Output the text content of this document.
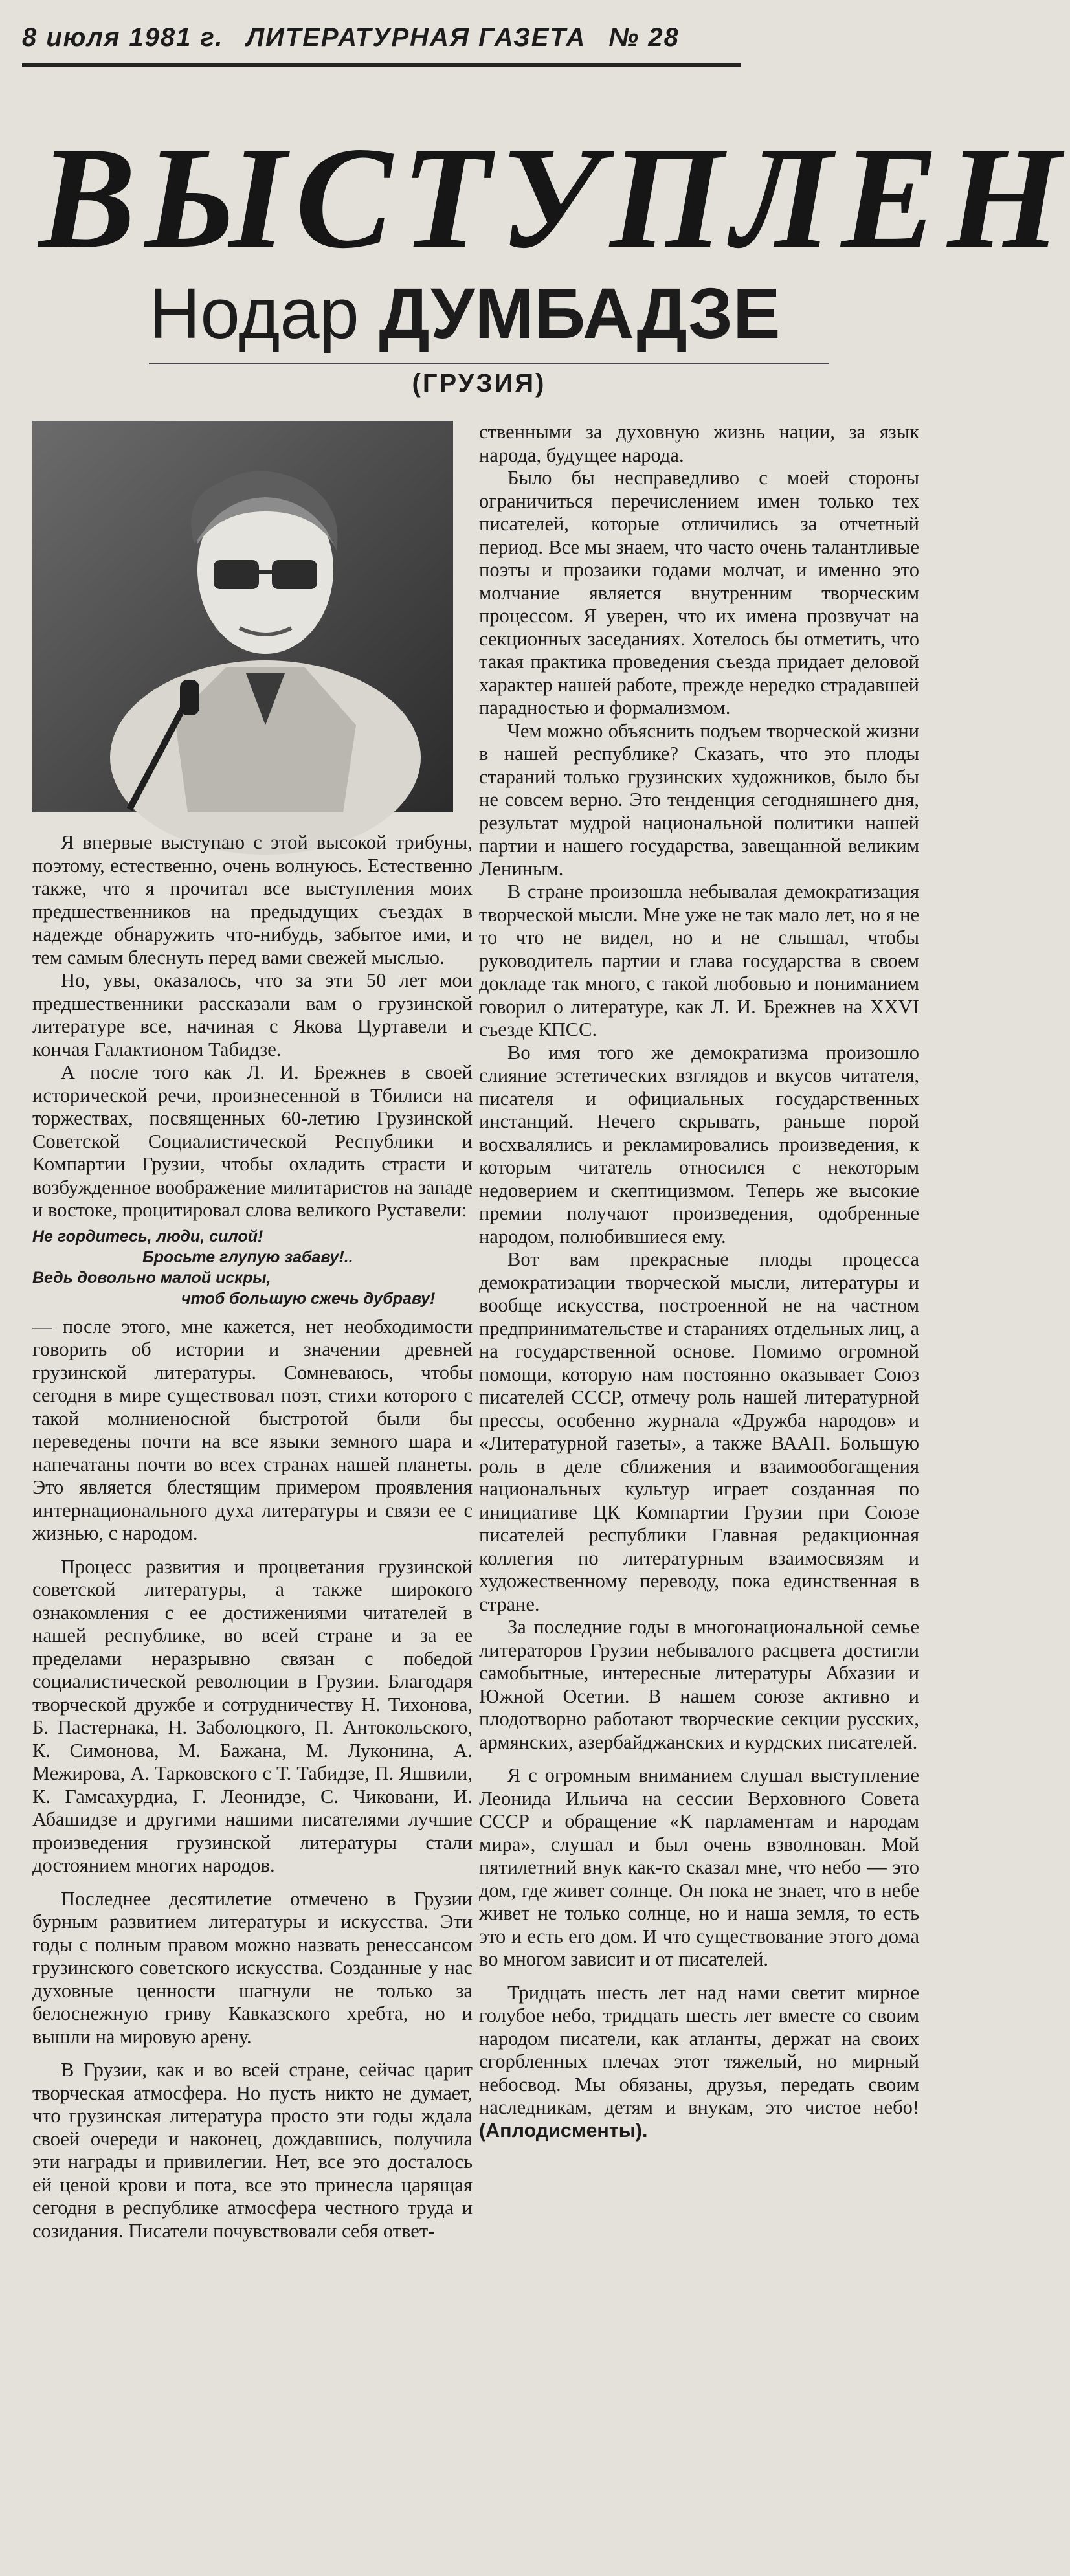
8 июля 1981 г. ЛИТЕРАТУРНАЯ ГАЗЕТА № 28
ВЫСТУПЛЕН
Нодар ДУМБАДЗЕ
(ГРУЗИЯ)

Я впервые выступаю с этой высокой трибуны, поэтому, естественно, очень волнуюсь. Естественно также, что я прочитал все выступления моих предшественников на предыдущих съездах в надежде обнаружить что-нибудь, забытое ими, и тем самым блеснуть перед вами свежей мыслью.

Но, увы, оказалось, что за эти 50 лет мои предшественники рассказали вам о грузинской литературе все, начиная с Якова Цуртавели и кончая Галактионом Табидзе.

А после того как Л. И. Брежнев в своей исторической речи, произнесенной в Тбилиси на торжествах, посвященных 60-летию Грузинской Советской Социалистической Республики и Компартии Грузии, чтобы охладить страсти и возбужденное воображение милитаристов на западе и востоке, процитировал слова великого Руставели:

Не гордитесь, люди, силой!
Бросьте глупую забаву!..
Ведь довольно малой искры,
чтоб большую сжечь дубраву!

— после этого, мне кажется, нет необходимости говорить об истории и значении древней грузинской литературы. Сомневаюсь, чтобы сегодня в мире существовал поэт, стихи которого с такой молниеносной быстротой были бы переведены почти на все языки земного шара и напечатаны почти во всех странах нашей планеты. Это является блестящим примером проявления интернационального духа литературы и связи ее с жизнью, с народом.

Процесс развития и процветания грузинской советской литературы, а также широкого ознакомления с ее достижениями читателей в нашей республике, во всей стране и за ее пределами неразрывно связан с победой социалистической революции в Грузии. Благодаря творческой дружбе и сотрудничеству Н. Тихонова, Б. Пастернака, Н. Заболоцкого, П. Антокольского, К. Симонова, М. Бажана, М. Луконина, А. Межирова, А. Тарковского с Т. Табидзе, П. Яшвили, К. Гамсахурдиа, Г. Леонидзе, С. Чиковани, И. Абашидзе и другими нашими писателями лучшие произведения грузинской литературы стали достоянием многих народов.

Последнее десятилетие отмечено в Грузии бурным развитием литературы и искусства. Эти годы с полным правом можно назвать ренессансом грузинского советского искусства. Созданные у нас духовные ценности шагнули не только за белоснежную гриву Кавказского хребта, но и вышли на мировую арену.

В Грузии, как и во всей стране, сейчас царит творческая атмосфера. Но пусть никто не думает, что грузинская литература просто эти годы ждала своей очереди и наконец, дождавшись, получила эти награды и привилегии. Нет, все это досталось ей ценой крови и пота, все это принесла царящая сегодня в республике атмосфера честного труда и созидания. Писатели почувствовали себя ответ-

ственными за духовную жизнь нации, за язык народа, будущее народа.

Было бы несправедливо с моей стороны ограничиться перечислением имен только тех писателей, которые отличились за отчетный период. Все мы знаем, что часто очень талантливые поэты и прозаики годами молчат, и именно это молчание является внутренним творческим процессом. Я уверен, что их имена прозвучат на секционных заседаниях. Хотелось бы отметить, что такая практика проведения съезда придает деловой характер нашей работе, прежде нередко страдавшей парадностью и формализмом.

Чем можно объяснить подъем творческой жизни в нашей республике? Сказать, что это плоды стараний только грузинских художников, было бы не совсем верно. Это тенденция сегодняшнего дня, результат мудрой национальной политики нашей партии и нашего государства, завещанной великим Лениным.

В стране произошла небывалая демократизация творческой мысли. Мне уже не так мало лет, но я не то что не видел, но и не слышал, чтобы руководитель партии и глава государства в своем докладе так много, с такой любовью и пониманием говорил о литературе, как Л. И. Брежнев на XXVI съезде КПСС.

Во имя того же демократизма произошло слияние эстетических взглядов и вкусов читателя, писателя и официальных государственных инстанций. Нечего скрывать, раньше порой восхвалялись и рекламировались произведения, к которым читатель относился с некоторым недоверием и скептицизмом. Теперь же высокие премии получают произведения, одобренные народом, полюбившиеся ему.

Вот вам прекрасные плоды процесса демократизации творческой мысли, литературы и вообще искусства, построенной не на частном предпринимательстве и стараниях отдельных лиц, а на государственной основе. Помимо огромной помощи, которую нам постоянно оказывает Союз писателей СССР, отмечу роль нашей литературной прессы, особенно журнала «Дружба народов» и «Литературной газеты», а также ВААП. Большую роль в деле сближения и взаимообогащения национальных культур играет созданная по инициативе ЦК Компартии Грузии при Союзе писателей республики Главная редакционная коллегия по литературным взаимосвязям и художественному переводу, пока единственная в стране.

За последние годы в многонациональной семье литераторов Грузии небывалого расцвета достигли самобытные, интересные литературы Абхазии и Южной Осетии. В нашем союзе активно и плодотворно работают творческие секции русских, армянских, азербайджанских и курдских писателей.

Я с огромным вниманием слушал выступление Леонида Ильича на сессии Верховного Совета СССР и обращение «К парламентам и народам мира», слушал и был очень взволнован. Мой пятилетний внук как-то сказал мне, что небо — это дом, где живет солнце. Он пока не знает, что в небе живет не только солнце, но и наша земля, то есть это и есть его дом. И что существование этого дома во многом зависит и от писателей.

Тридцать шесть лет над нами светит мирное голубое небо, тридцать шесть лет вместе со своим народом писатели, как атланты, держат на своих сгорбленных плечах этот тяжелый, но мирный небосвод. Мы обязаны, друзья, передать своим наследникам, детям и внукам, это чистое небо! (Аплодисменты).
